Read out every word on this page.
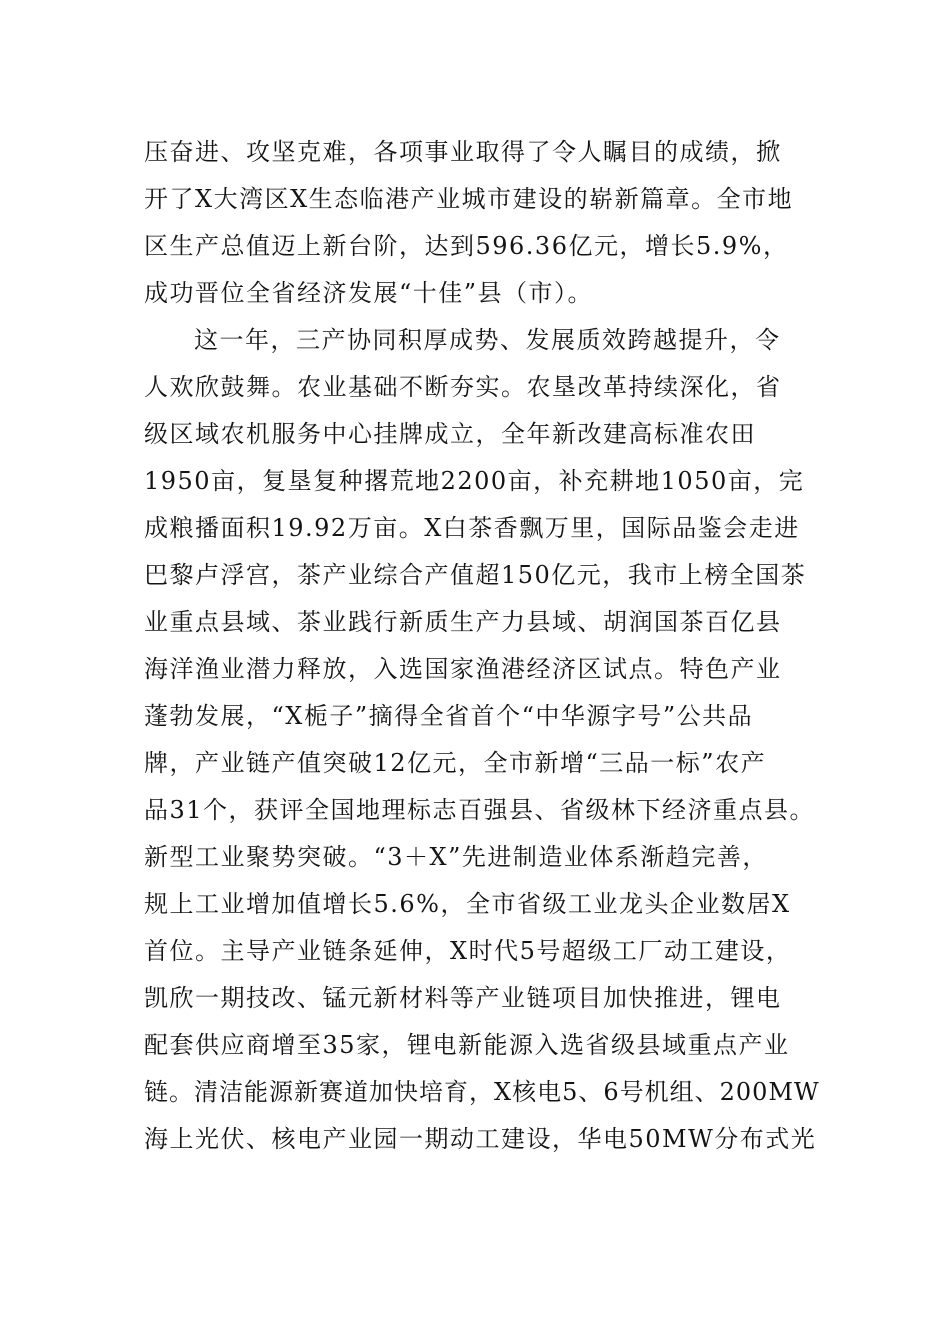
压奋进、攻坚克难，各项事业取得了令人瞩目的成绩，掀
开了X大湾区X生态临港产业城市建设的崭新篇章。全市地
区生产总值迈上新台阶，达到596.36亿元，增长5.9%，
成功晋位全省经济发展“十佳”县（市）。
这一年，三产协同积厚成势、发展质效跨越提升，令
人欢欣鼓舞。农业基础不断夯实。农垦改革持续深化，省
级区域农机服务中心挂牌成立，全年新改建高标准农田
1950亩，复垦复种撂荒地2200亩，补充耕地1050亩，完
成粮播面积19.92万亩。X白茶香飘万里，国际品鉴会走进
巴黎卢浮宫，茶产业综合产值超150亿元，我市上榜全国茶
业重点县域、茶业践行新质生产力县域、胡润国茶百亿县
海洋渔业潜力释放，入选国家渔港经济区试点。特色产业
蓬勃发展，“X栀子”摘得全省首个“中华源字号”公共品
牌，产业链产值突破12亿元，全市新增“三品一标”农产
品31个，获评全国地理标志百强县、省级林下经济重点县。
新型工业聚势突破。“3＋X”先进制造业体系渐趋完善，
规上工业增加值增长5.6%，全市省级工业龙头企业数居X
首位。主导产业链条延伸，X时代5号超级工厂动工建设，
凯欣一期技改、锰元新材料等产业链项目加快推进，锂电
配套供应商增至35家，锂电新能源入选省级县域重点产业
链。清洁能源新赛道加快培育，X核电5、6号机组、200MW
海上光伏、核电产业园一期动工建设，华电50MW分布式光
